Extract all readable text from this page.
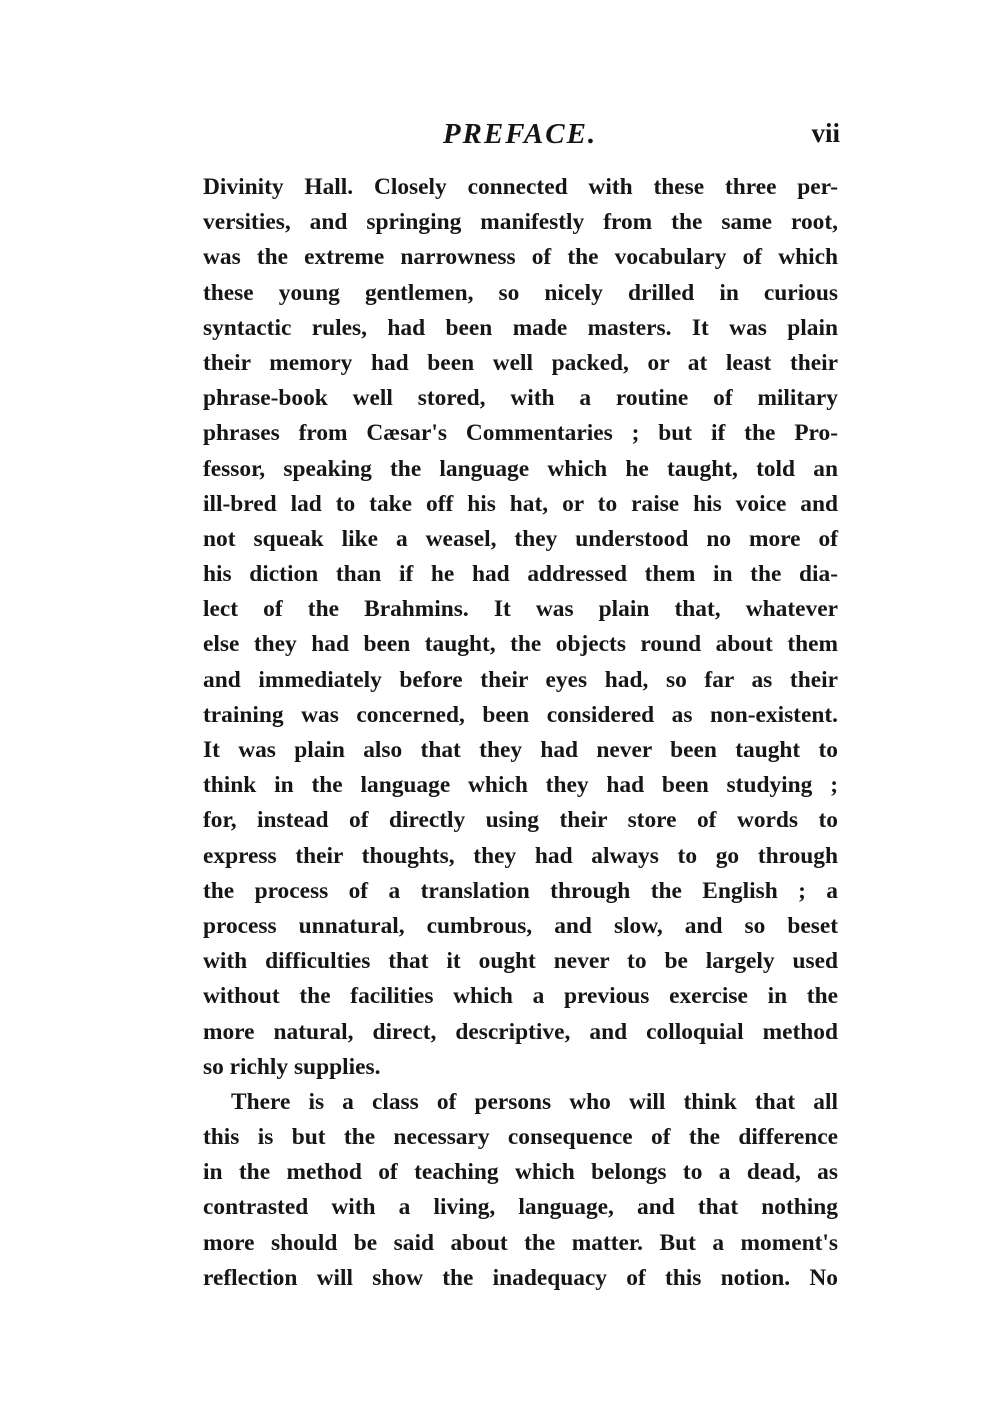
PREFACE.	vii
Divinity Hall. Closely connected with these three per-
versities, and springing manifestly from the same root,
was the extreme narrowness of the vocabulary of which
these young gentlemen, so nicely drilled in curious
syntactic rules, had been made masters. It was plain
their memory had been well packed, or at least their
phrase-book well stored, with a routine of military
phrases from Cæsar's Commentaries ; but if the Pro-
fessor, speaking the language which he taught, told an
ill-bred lad to take off his hat, or to raise his voice and
not squeak like a weasel, they understood no more of
his diction than if he had addressed them in the dia-
lect of the Brahmins. It was plain that, whatever
else they had been taught, the objects round about them
and immediately before their eyes had, so far as their
training was concerned, been considered as non-existent.
It was plain also that they had never been taught to
think in the language which they had been studying ;
for, instead of directly using their store of words to
express their thoughts, they had always to go through
the process of a translation through the English ; a
process unnatural, cumbrous, and slow, and so beset
with difficulties that it ought never to be largely used
without the facilities which a previous exercise in the
more natural, direct, descriptive, and colloquial method
so richly supplies.
There is a class of persons who will think that all
this is but the necessary consequence of the difference
in the method of teaching which belongs to a dead, as
contrasted with a living, language, and that nothing
more should be said about the matter. But a moment's
reflection will show the inadequacy of this notion. No
